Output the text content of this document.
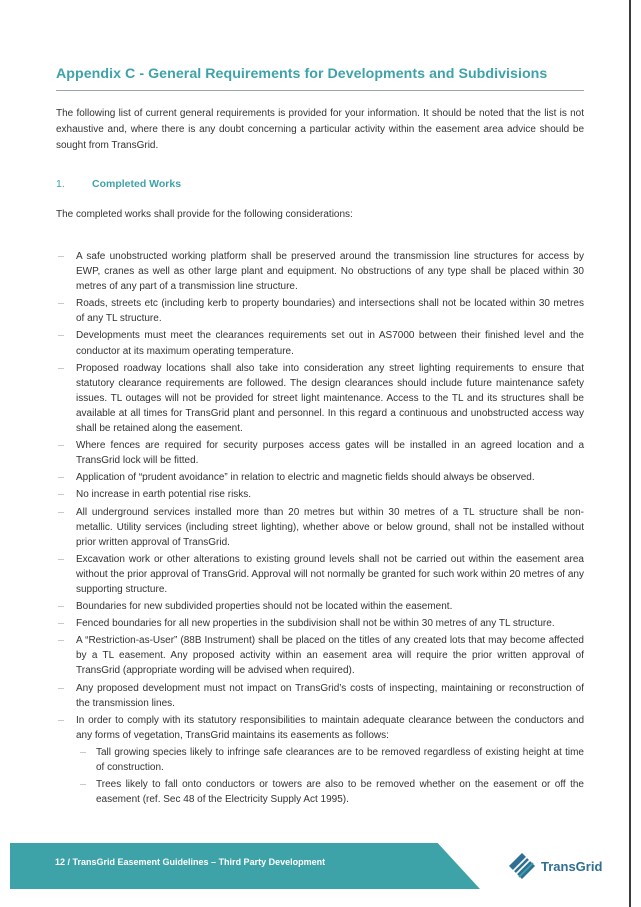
Appendix C - General Requirements for Developments and Subdivisions
The following list of current general requirements is provided for your information. It should be noted that the list is not exhaustive and, where there is any doubt concerning a particular activity within the easement area advice should be sought from TransGrid.
1.	Completed Works
The completed works shall provide for the following considerations:
A safe unobstructed working platform shall be preserved around the transmission line structures for access by EWP, cranes as well as other large plant and equipment. No obstructions of any type shall be placed within 30 metres of any part of a transmission line structure.
Roads, streets etc (including kerb to property boundaries) and intersections shall not be located within 30 metres of any TL structure.
Developments must meet the clearances requirements set out in AS7000 between their finished level and the conductor at its maximum operating temperature.
Proposed roadway locations shall also take into consideration any street lighting requirements to ensure that statutory clearance requirements are followed. The design clearances should include future maintenance safety issues. TL outages will not be provided for street light maintenance. Access to the TL and its structures shall be available at all times for TransGrid plant and personnel. In this regard a continuous and unobstructed access way shall be retained along the easement.
Where fences are required for security purposes access gates will be installed in an agreed location and a TransGrid lock will be fitted.
Application of “prudent avoidance” in relation to electric and magnetic fields should always be observed.
No increase in earth potential rise risks.
All underground services installed more than 20 metres but within 30 metres of a TL structure shall be non-metallic. Utility services (including street lighting), whether above or below ground, shall not be installed without prior written approval of TransGrid.
Excavation work or other alterations to existing ground levels shall not be carried out within the easement area without the prior approval of TransGrid. Approval will not normally be granted for such work within 20 metres of any supporting structure.
Boundaries for new subdivided properties should not be located within the easement.
Fenced boundaries for all new properties in the subdivision shall not be within 30 metres of any TL structure.
A “Restriction-as-User” (88B Instrument) shall be placed on the titles of any created lots that may become affected by a TL easement. Any proposed activity within an easement area will require the prior written approval of TransGrid (appropriate wording will be advised when required).
Any proposed development must not impact on TransGrid’s costs of inspecting, maintaining or reconstruction of the transmission lines.
In order to comply with its statutory responsibilities to maintain adequate clearance between the conductors and any forms of vegetation, TransGrid maintains its easements as follows:
Tall growing species likely to infringe safe clearances are to be removed regardless of existing height at time of construction.
Trees likely to fall onto conductors or towers are also to be removed whether on the easement or off the easement (ref. Sec 48 of the Electricity Supply Act 1995).
12 / TransGrid Easement Guidelines – Third Party Development	TransGrid
